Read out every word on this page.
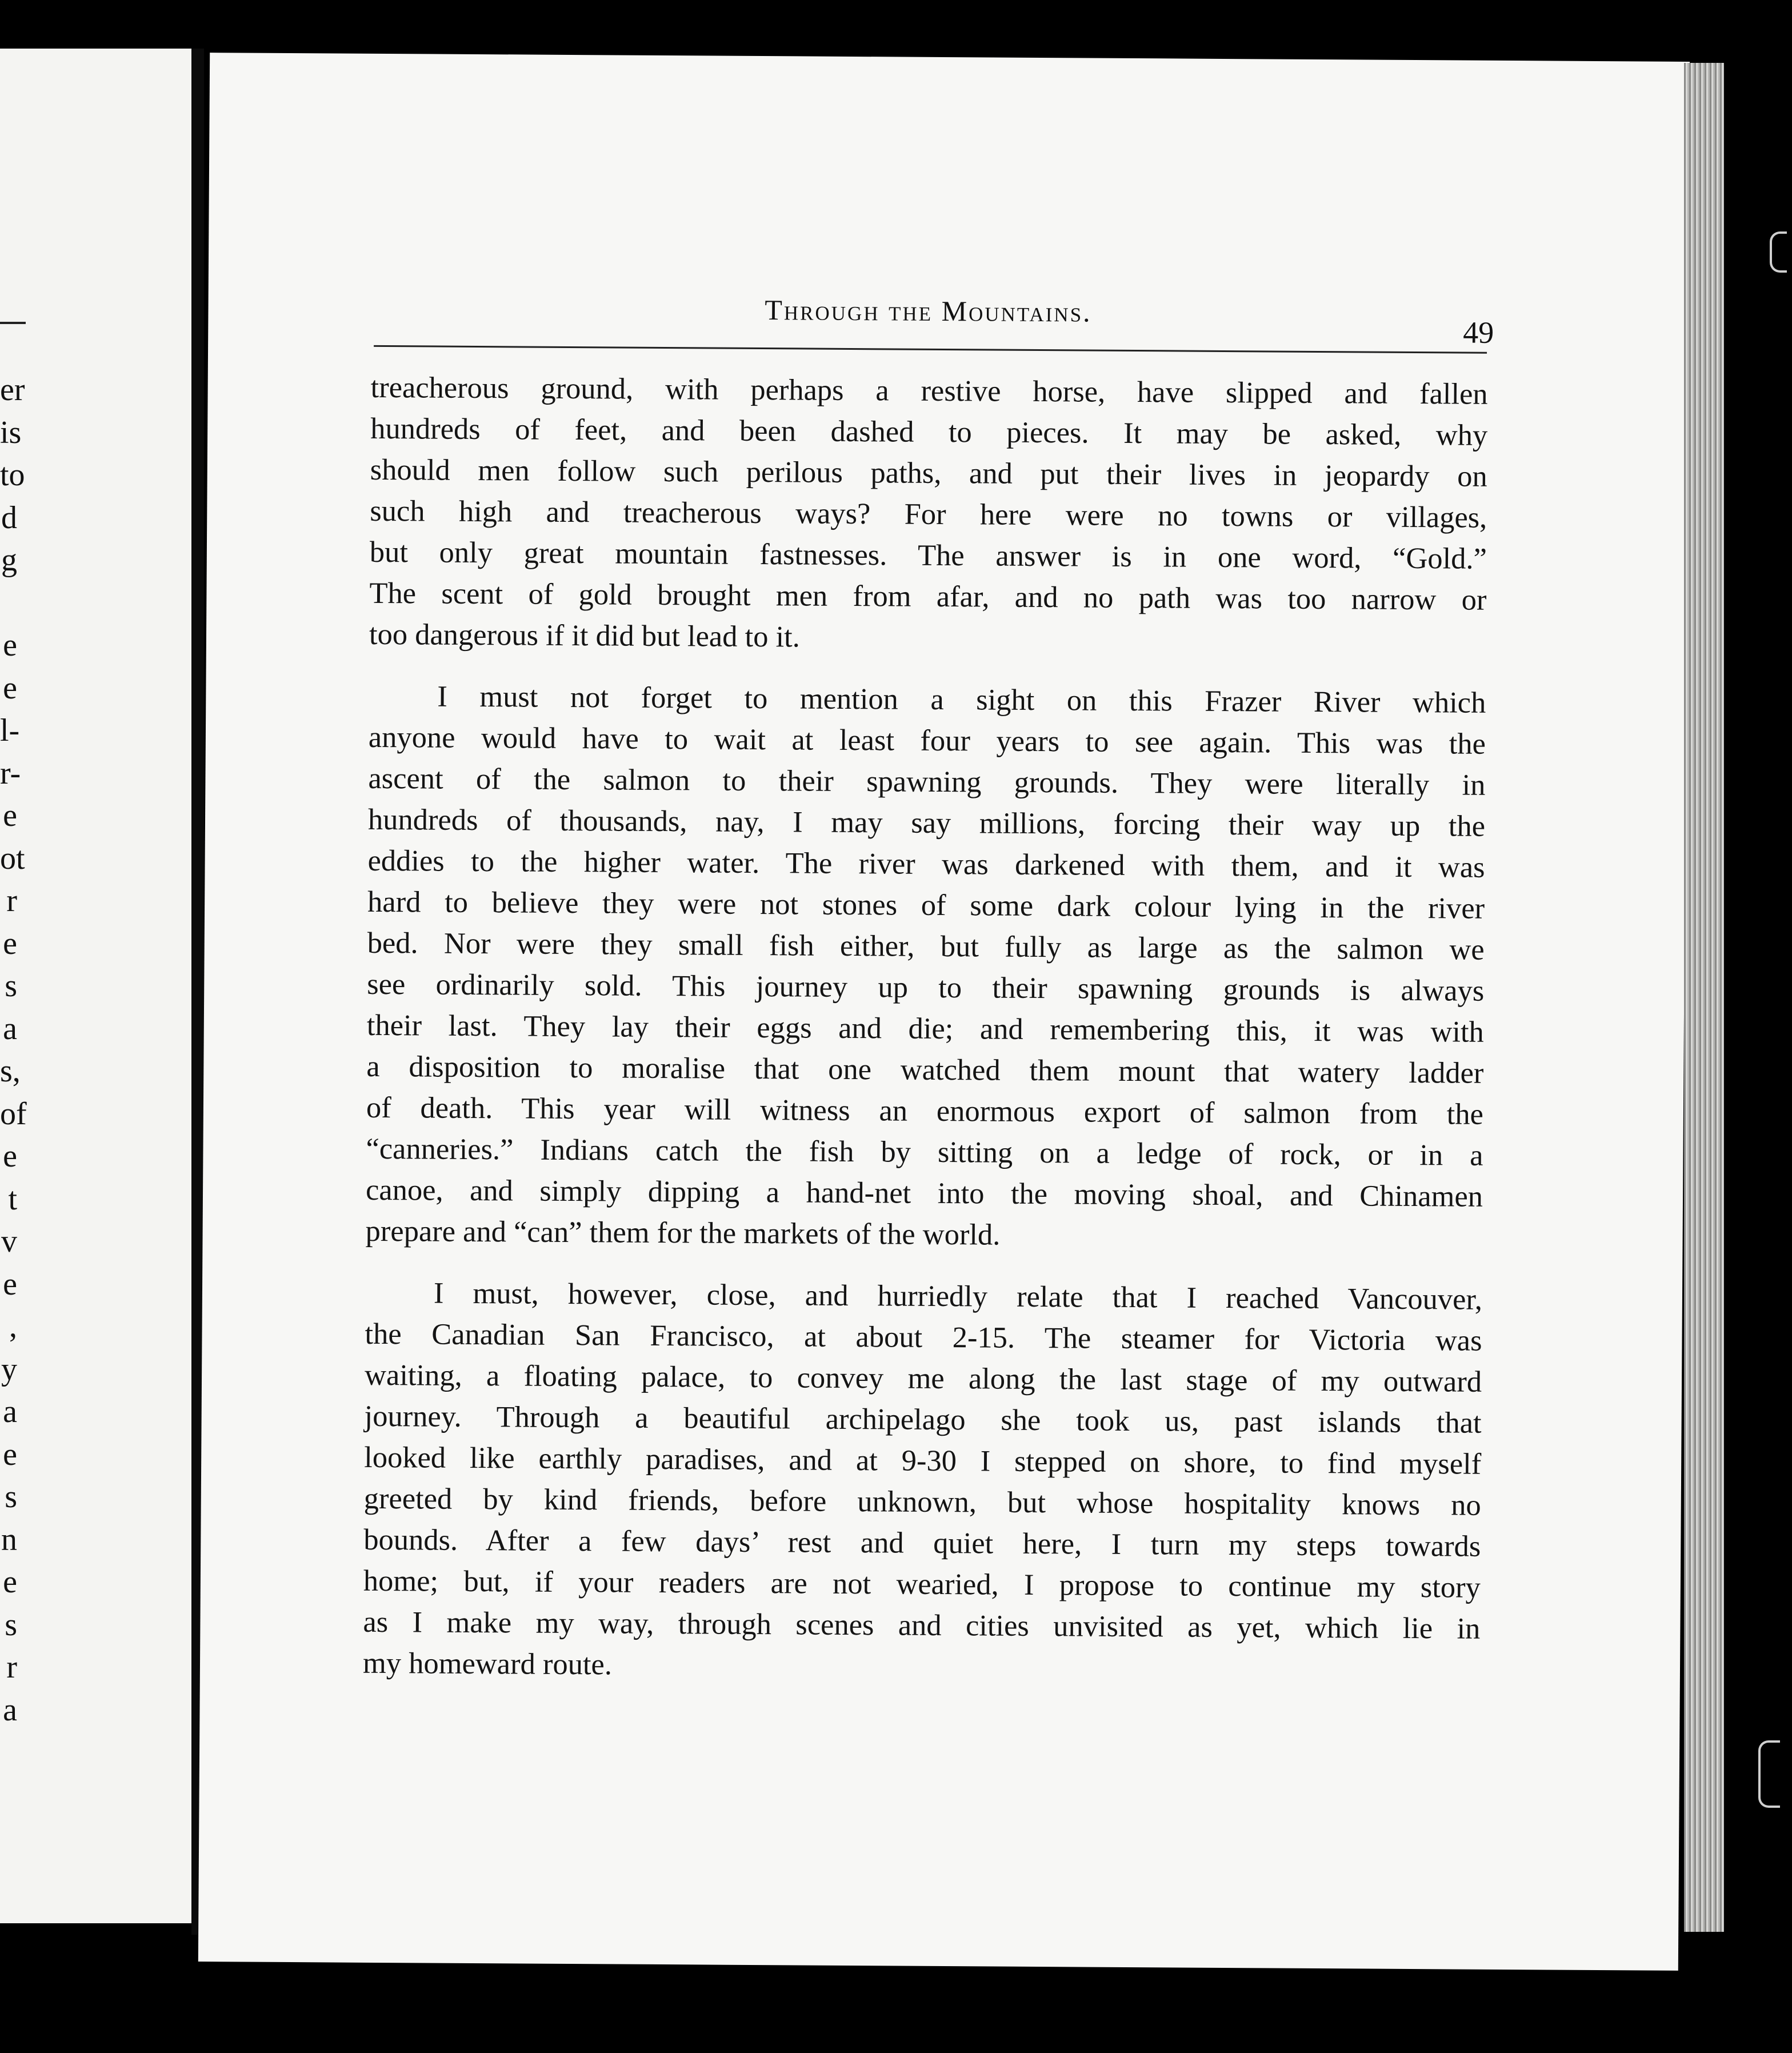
er
is
to
d
g
e
e
l-
r-
e
ot
r
e
s
a
s,
of
e
t
v
e
,
y
a
e
s
n
e
s
r
a
Through the Mountains.
49
treacherous ground, with perhaps a restive horse, have slipped and fallen
hundreds of feet, and been dashed to pieces. It may be asked, why
should men follow such perilous paths, and put their lives in jeopardy on
such high and treacherous ways? For here were no towns or villages,
but only great mountain fastnesses. The answer is in one word, “Gold.”
The scent of gold brought men from afar, and no path was too narrow or
too dangerous if it did but lead to it.
I must not forget to mention a sight on this Frazer River which
anyone would have to wait at least four years to see again. This was the
ascent of the salmon to their spawning grounds. They were literally in
hundreds of thousands, nay, I may say millions, forcing their way up the
eddies to the higher water. The river was darkened with them, and it was
hard to believe they were not stones of some dark colour lying in the river
bed. Nor were they small fish either, but fully as large as the salmon we
see ordinarily sold. This journey up to their spawning grounds is always
their last. They lay their eggs and die; and remembering this, it was with
a disposition to moralise that one watched them mount that watery ladder
of death. This year will witness an enormous export of salmon from the
“canneries.” Indians catch the fish by sitting on a ledge of rock, or in a
canoe, and simply dipping a hand-net into the moving shoal, and Chinamen
prepare and “can” them for the markets of the world.
I must, however, close, and hurriedly relate that I reached Vancouver,
the Canadian San Francisco, at about 2-15. The steamer for Victoria was
waiting, a floating palace, to convey me along the last stage of my outward
journey. Through a beautiful archipelago she took us, past islands that
looked like earthly paradises, and at 9-30 I stepped on shore, to find myself
greeted by kind friends, before unknown, but whose hospitality knows no
bounds. After a few days’ rest and quiet here, I turn my steps towards
home; but, if your readers are not wearied, I propose to continue my story
as I make my way, through scenes and cities unvisited as yet, which lie in
my homeward route.
